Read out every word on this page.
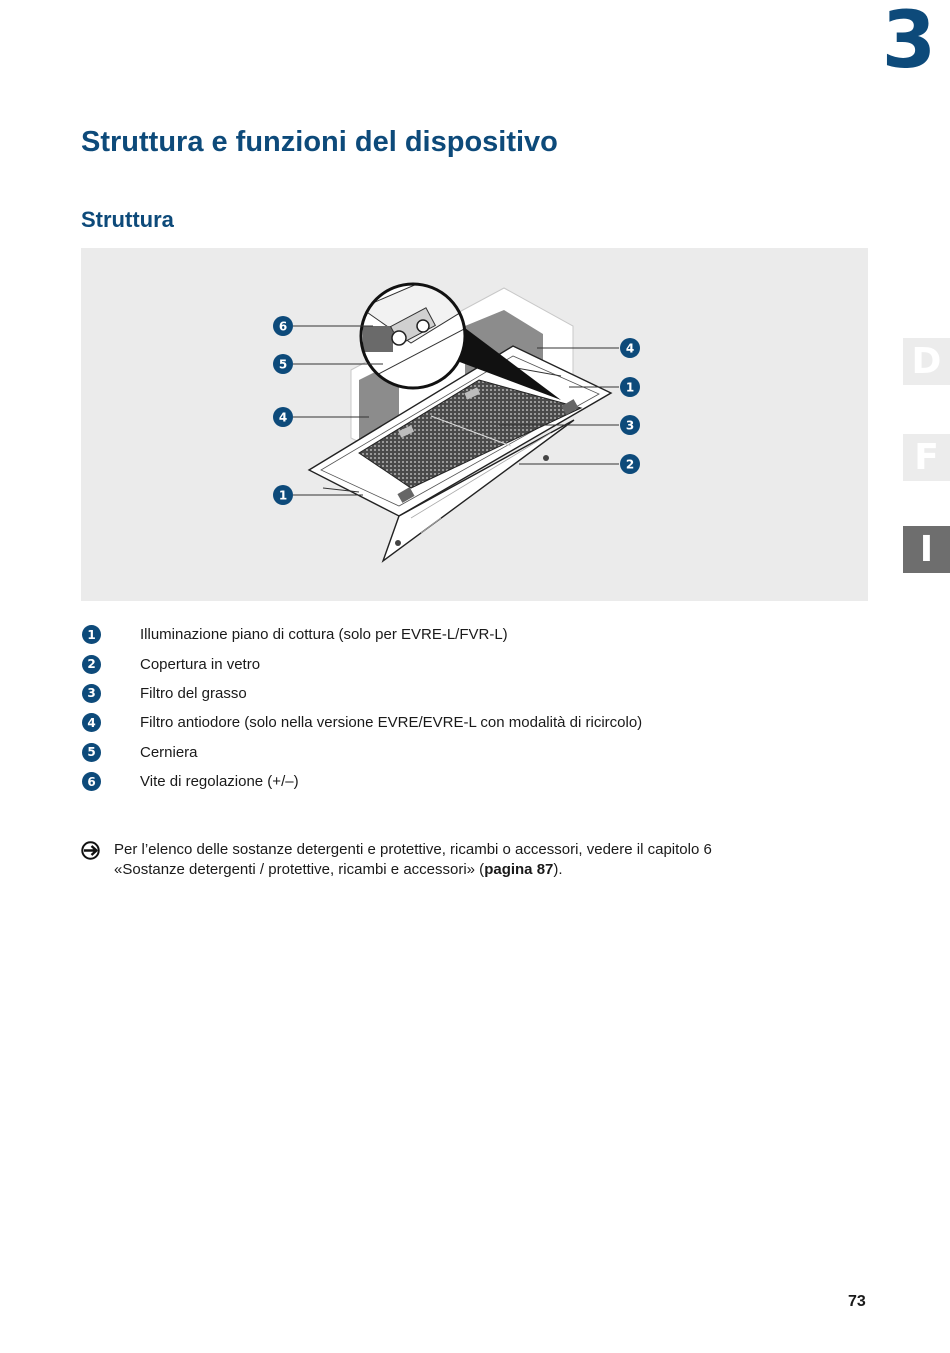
3
Struttura e funzioni del dispositivo
Struttura
D
F
I
6
5
4
1
4
1
3
2
1	Illuminazione piano di cottura (solo per EVRE-L/FVR-L)
2	Copertura in vetro
3	Filtro del grasso
4	Filtro antiodore (solo nella versione EVRE/EVRE-L con modalità di ricircolo)
5	Cerniera
6	Vite di regolazione (+/–)
Per l’elenco delle sostanze detergenti e protettive, ricambi o accessori, vedere il capitolo 6 «Sostanze detergenti / protettive, ricambi e accessori» (pagina 87).
73
